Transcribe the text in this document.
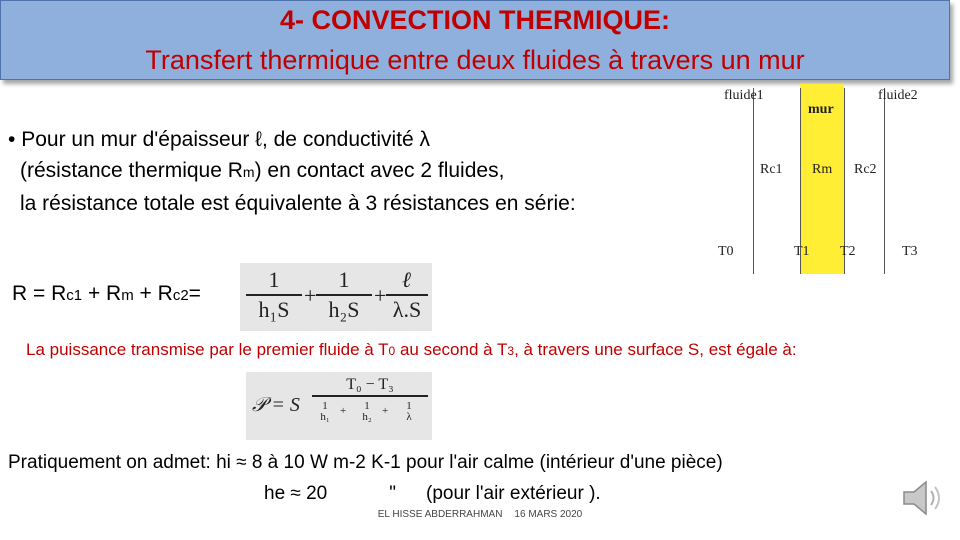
4- CONVECTION THERMIQUE:
Transfert thermique entre deux fluides à travers un mur
• Pour un mur d'épaisseur ℓ, de conductivité λ
(résistance thermique Rm) en contact avec 2 fluides,
la résistance totale est équivalente à 3 résistances en série:
fluide1
mur
fluide2
Rc1 Rm Rc2
T0	T1 T2	T3
R = Rc1 + Rm + Rc2=
1
h₁S
+
1
h₂S
+
ℓ
λ.S
La puissance transmise par le premier fluide à T0 au second à T3, à travers une surface S, est égale à:
𝒫 = S
T₀ − T₃
1
h₁ +	1
h₂ +	1
λ
Pratiquement on admet: hi ≈ 8 à 10 W m-2 K-1 pour l'air calme (intérieur d'une pièce)
he ≈ 20	" (pour l'air extérieur ).
EL HISSE ABDERRAHMAN 16 MARS 2020
